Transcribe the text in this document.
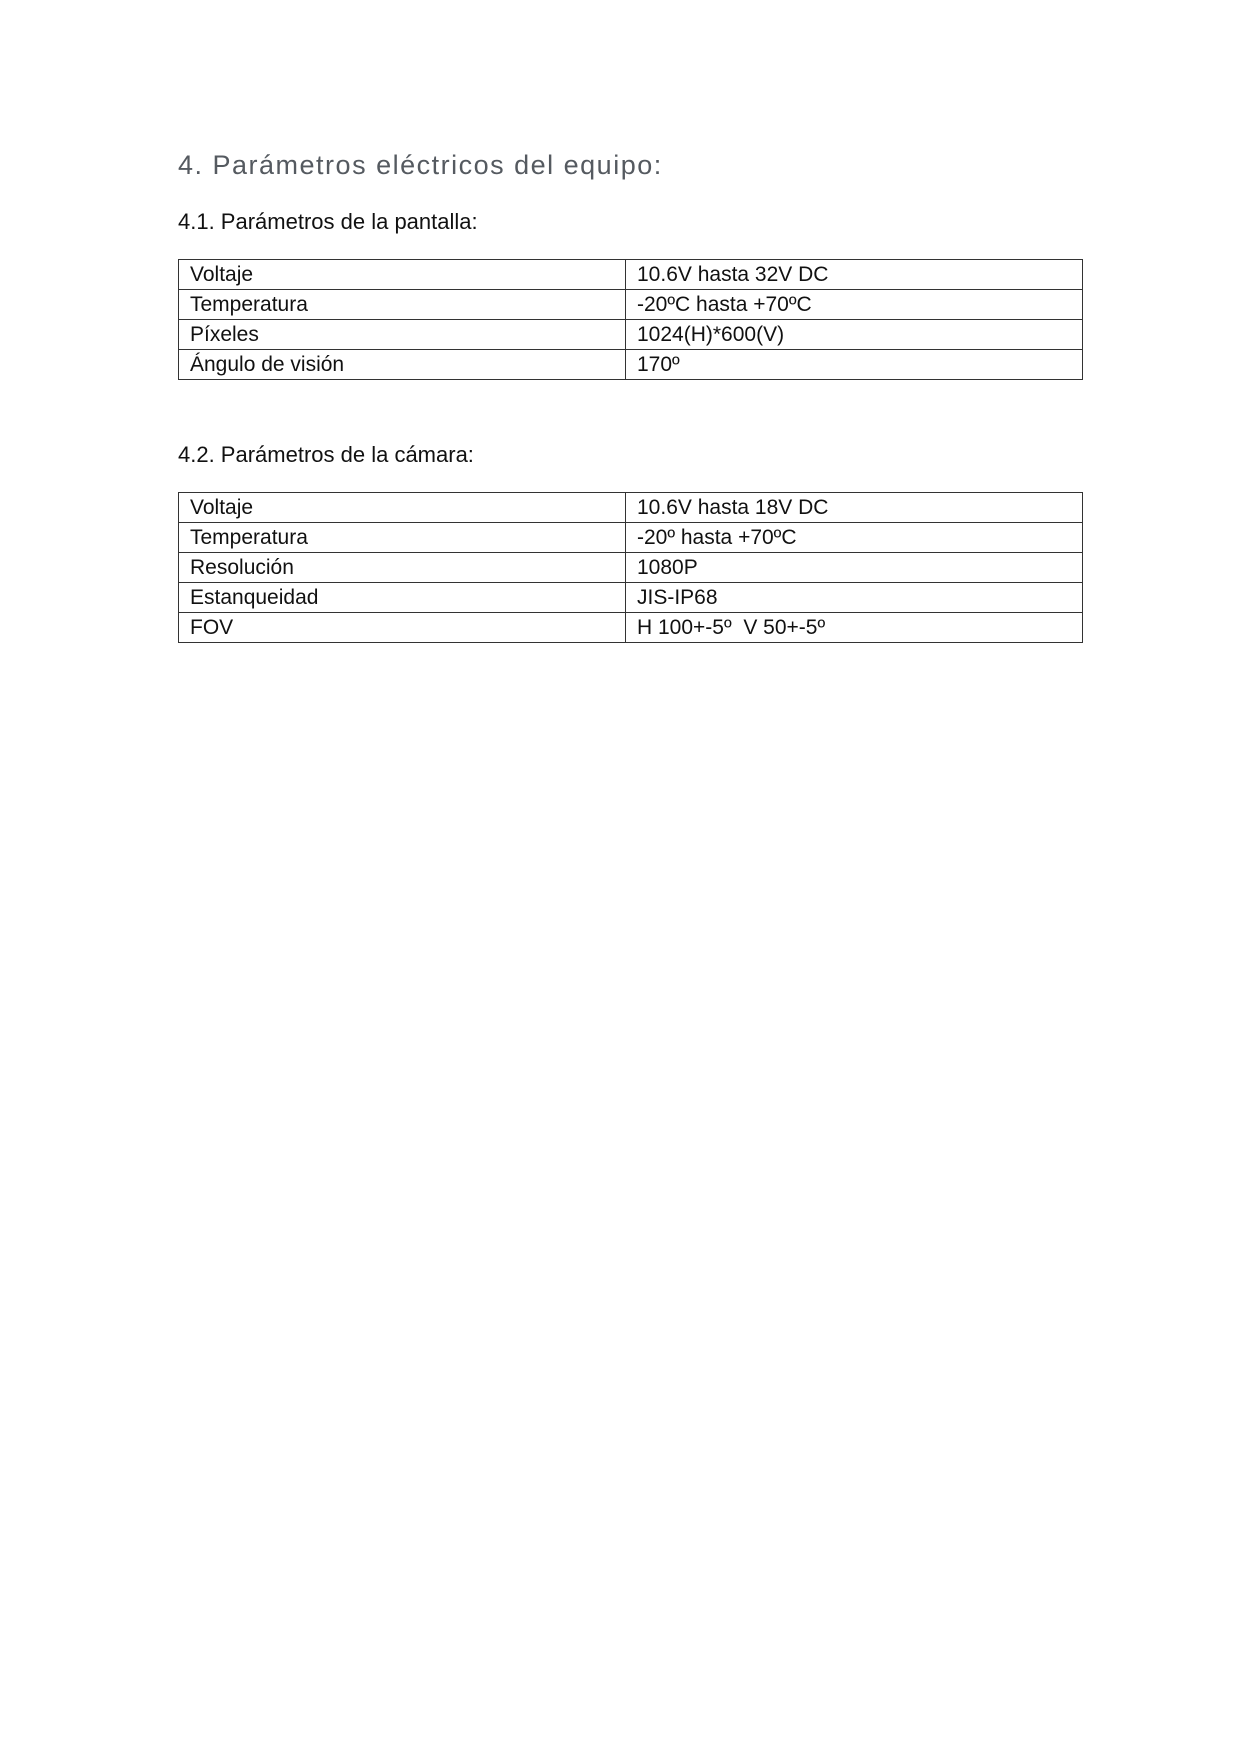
4. Parámetros eléctricos del equipo:
4.1. Parámetros de la pantalla:
Voltaje	10.6V hasta 32V DC
Temperatura	-20ºC hasta +70ºC
Píxeles	1024(H)*600(V)
Ángulo de visión	170º
4.2. Parámetros de la cámara:
Voltaje	10.6V hasta 18V DC
Temperatura	-20º hasta +70ºC
Resolución	1080P
Estanqueidad	JIS-IP68
FOV	H 100+-5º  V 50+-5º
